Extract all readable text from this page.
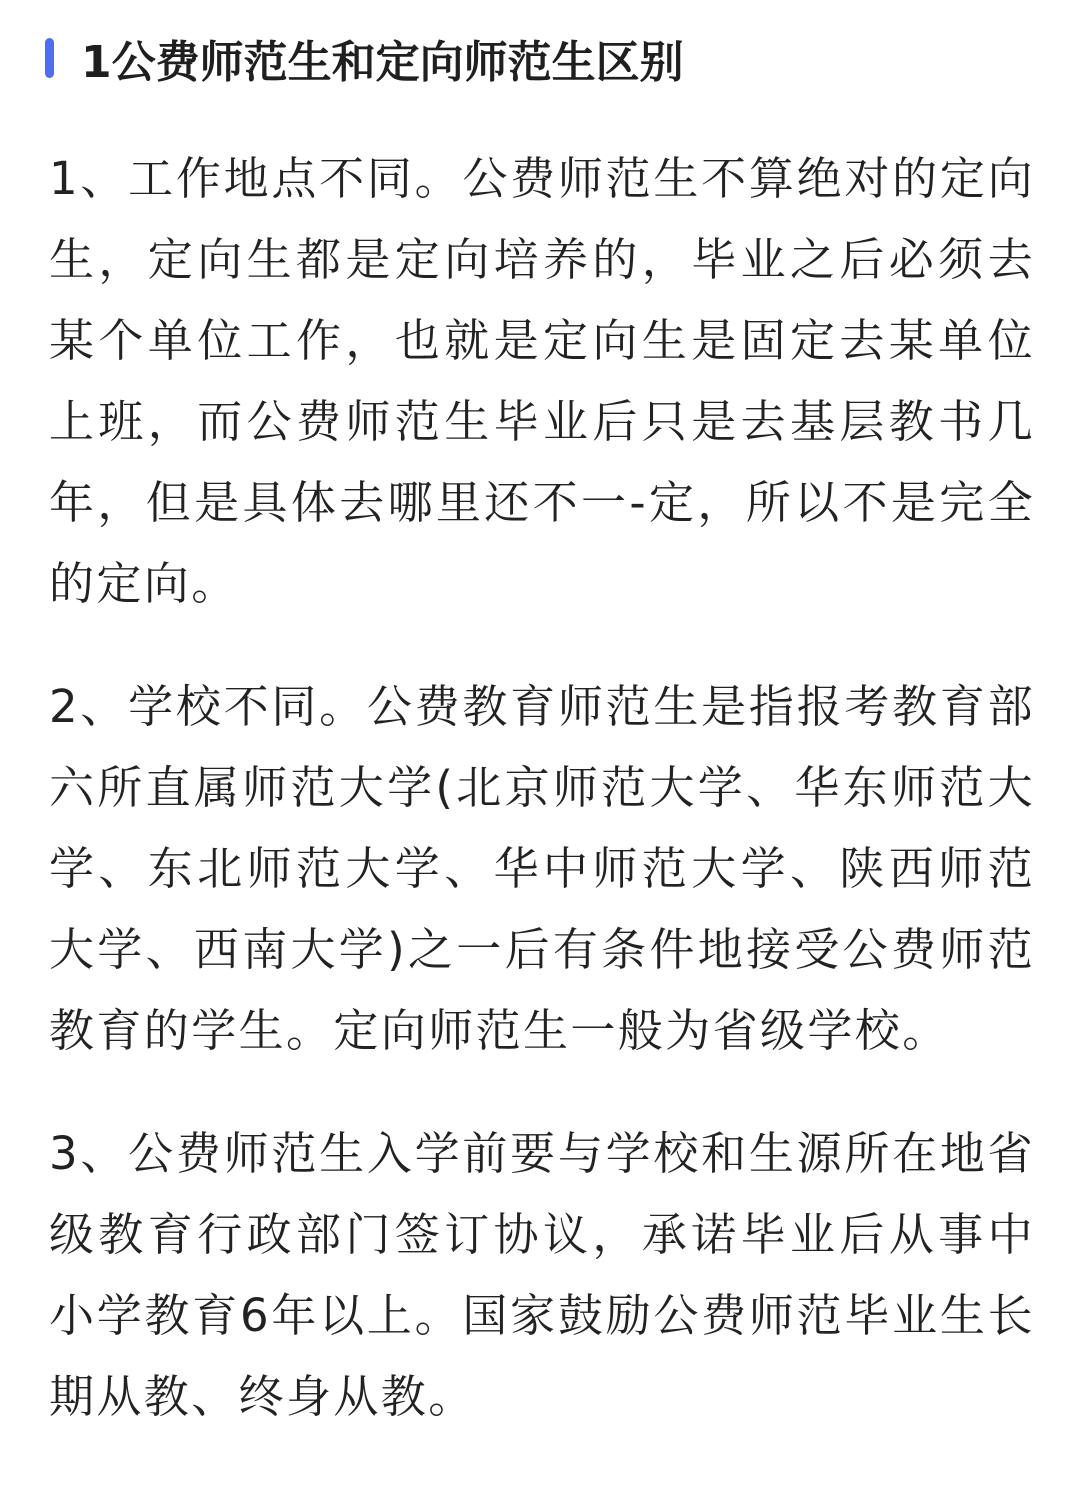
1公费师范生和定向师范生区别

1、工作地点不同。公费师范生不算绝对的定向生，定向生都是定向培养的，毕业之后必须去某个单位工作，也就是定向生是固定去某单位上班，而公费师范生毕业后只是去基层教书几年，但是具体去哪里还不一-定，所以不是完全的定向。

2、学校不同。公费教育师范生是指报考教育部六所直属师范大学(北京师范大学、华东师范大学、东北师范大学、华中师范大学、陕西师范大学、西南大学)之一后有条件地接受公费师范教育的学生。定向师范生一般为省级学校。

3、公费师范生入学前要与学校和生源所在地省级教育行政部门签订协议，承诺毕业后从事中小学教育6年以上。国家鼓励公费师范毕业生长期从教、终身从教。
